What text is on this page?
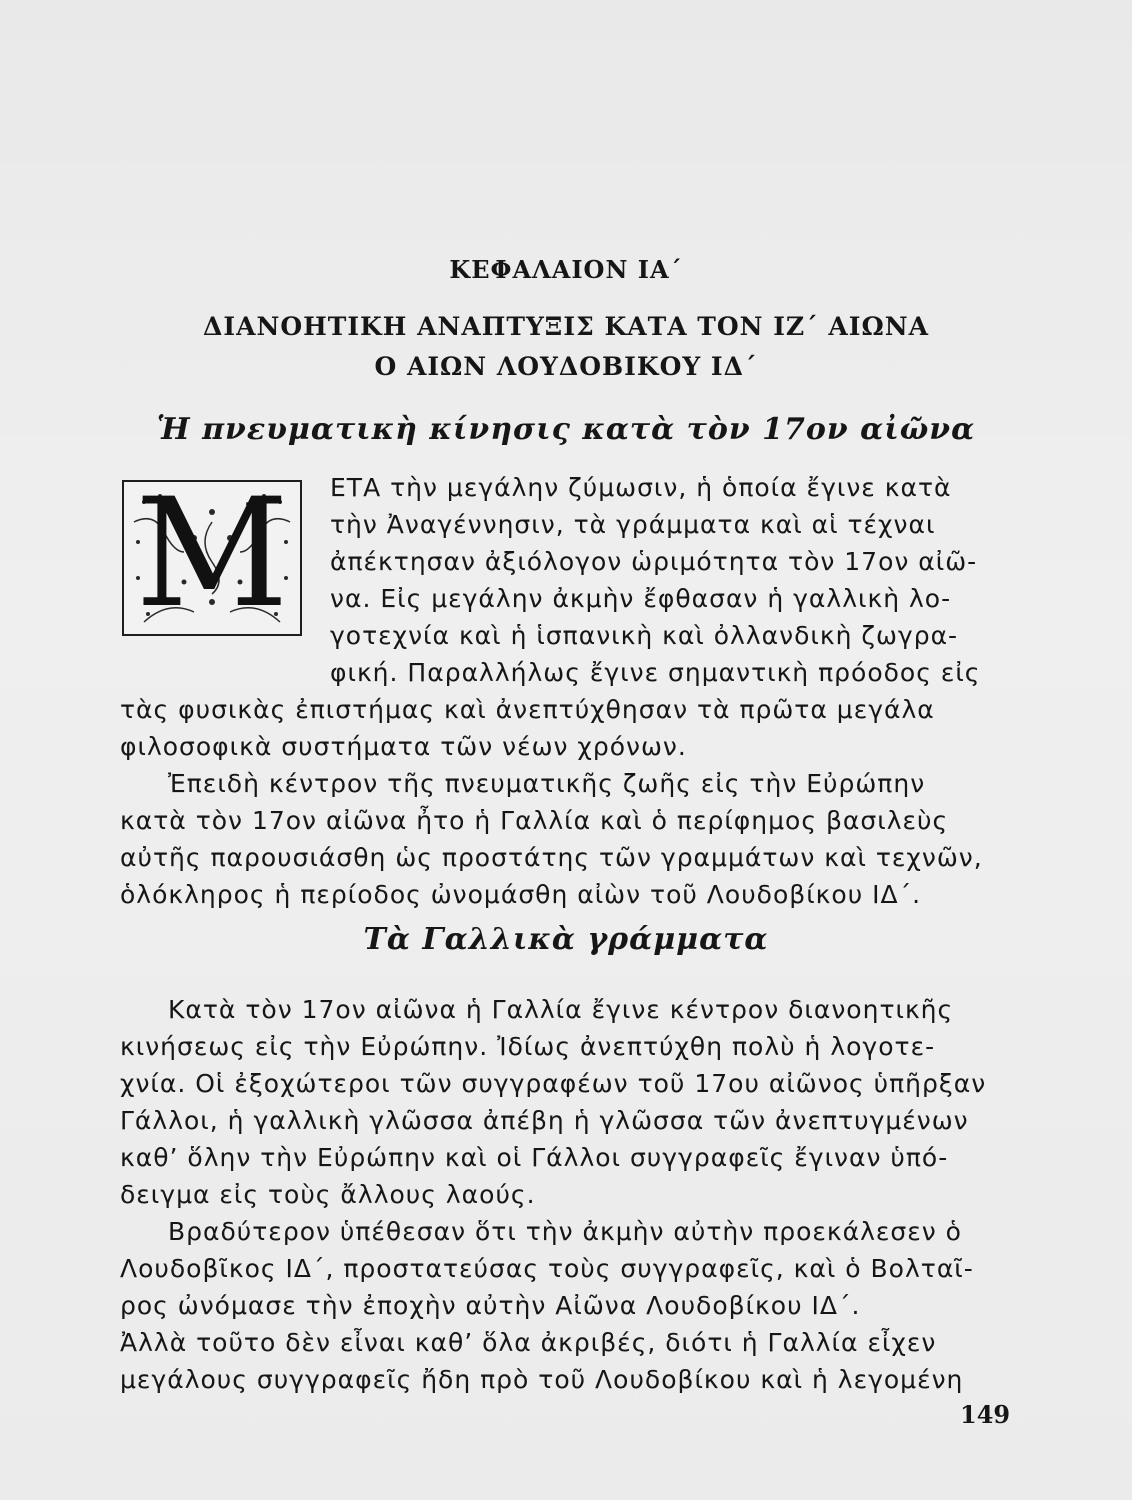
ΚΕΦΑΛΑΙΟΝ ΙΑ΄
ΔΙΑΝΟΗΤΙΚΗ ΑΝΑΠΤΥΞΙΣ ΚΑΤΑ ΤΟΝ ΙΖ΄ ΑΙΩΝΑ
Ο ΑΙΩΝ ΛΟΥΔΟΒΙΚΟΥ ΙΔ΄
Ἡ πνευματικὴ κίνησις κατὰ τὸν 17ον αἰῶνα
Μ	ΕΤΑ τὴν μεγάλην ζύμωσιν, ἡ ὁποία ἔγινε κατὰ
τὴν Ἀναγέννησιν, τὰ γράμματα καὶ αἱ τέχναι
ἀπέκτησαν ἀξιόλογον ὡριμότητα τὸν 17ον αἰῶ-
να. Εἰς μεγάλην ἀκμὴν ἔφθασαν ἡ γαλλικὴ λο-
γοτεχνία καὶ ἡ ἱσπανικὴ καὶ ὀλλανδικὴ ζωγρα-
φική. Παραλλήλως ἔγινε σημαντικὴ πρόοδος εἰς
τὰς φυσικὰς ἐπιστήμας καὶ ἀνεπτύχθησαν τὰ πρῶτα μεγάλα
φιλοσοφικὰ συστήματα τῶν νέων χρόνων.
Ἐπειδὴ κέντρον τῆς πνευματικῆς ζωῆς εἰς τὴν Εὐρώπην
κατὰ τὸν 17ον αἰῶνα ἦτο ἡ Γαλλία καὶ ὁ περίφημος βασιλεὺς
αὐτῆς παρουσιάσθη ὡς προστάτης τῶν γραμμάτων καὶ τεχνῶν,
ὁλόκληρος ἡ περίοδος ὠνομάσθη αἰὼν τοῦ Λουδοβίκου ΙΔ΄.
Τὰ Γαλλικὰ γράμματα
Κατὰ τὸν 17ον αἰῶνα ἡ Γαλλία ἔγινε κέντρον διανοητικῆς
κινήσεως εἰς τὴν Εὐρώπην. Ἰδίως ἀνεπτύχθη πολὺ ἡ λογοτε-
χνία. Οἱ ἐξοχώτεροι τῶν συγγραφέων τοῦ 17ου αἰῶνος ὑπῆρξαν
Γάλλοι, ἡ γαλλικὴ γλῶσσα ἀπέβη ἡ γλῶσσα τῶν ἀνεπτυγμένων
καθ’ ὅλην τὴν Εὐρώπην καὶ οἱ Γάλλοι συγγραφεῖς ἔγιναν ὑπό-
δειγμα εἰς τοὺς ἄλλους λαούς.
Βραδύτερον ὑπέθεσαν ὅτι τὴν ἀκμὴν αὐτὴν προεκάλεσεν ὁ
Λουδοβῖκος ΙΔ΄, προστατεύσας τοὺς συγγραφεῖς, καὶ ὁ Βολταῖ-
ρος ὠνόμασε τὴν ἐποχὴν αὐτὴν Αἰῶνα Λουδοβίκου ΙΔ΄.
Ἀλλὰ τοῦτο δὲν εἶναι καθ’ ὅλα ἀκριβές, διότι ἡ Γαλλία εἶχεν
μεγάλους συγγραφεῖς ἤδη πρὸ τοῦ Λουδοβίκου καὶ ἡ λεγομένη
149
